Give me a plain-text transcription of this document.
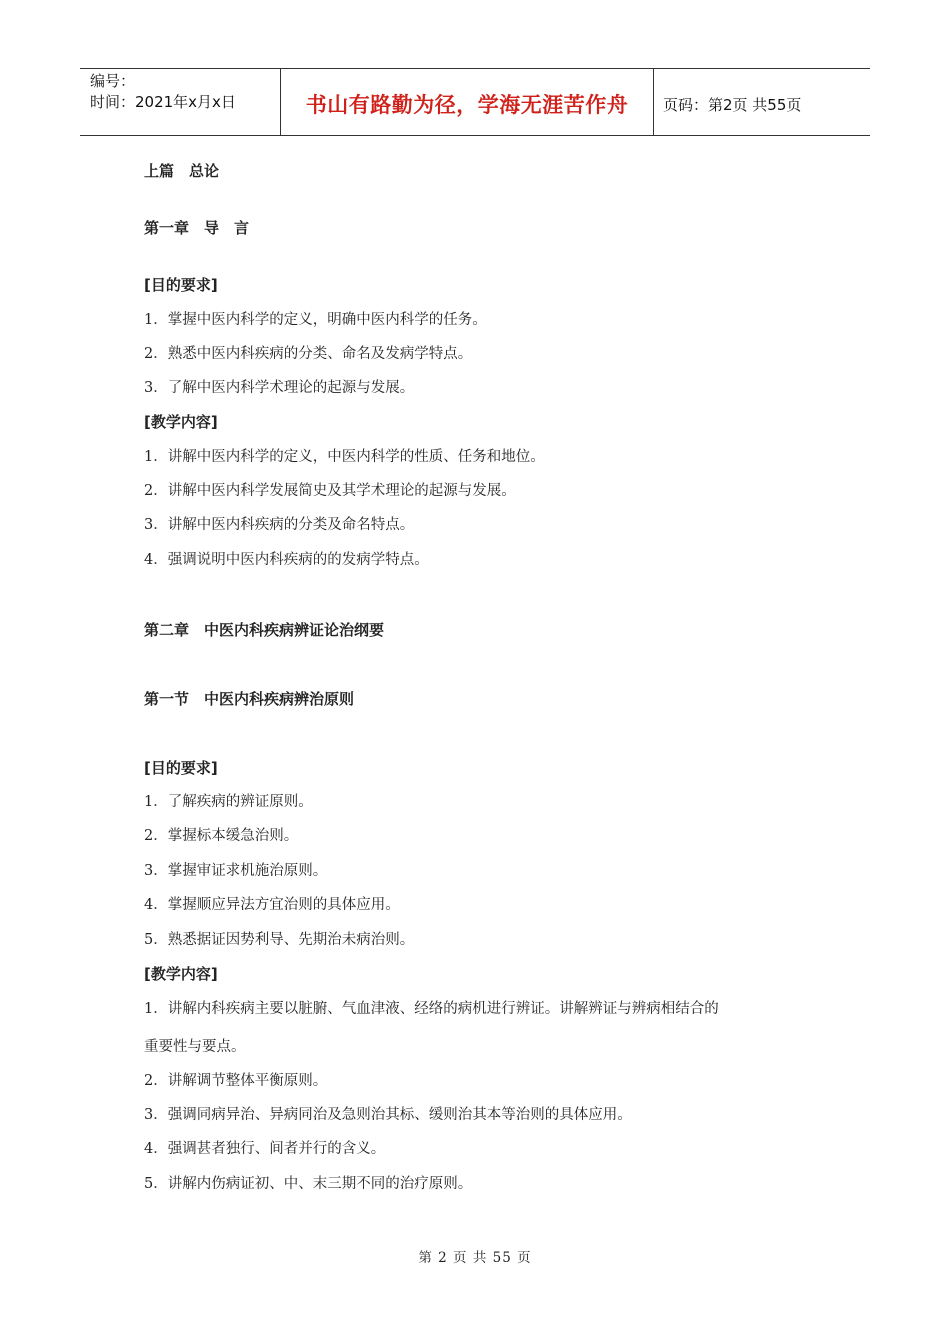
编号：
时间：2021年x月x日	书山有路勤为径，学海无涯苦作舟	页码：第2页 共55页
上篇　总论
第一章　导　言
[目的要求]
1．掌握中医内科学的定义，明确中医内科学的任务。
2．熟悉中医内科疾病的分类、命名及发病学特点。
3．了解中医内科学术理论的起源与发展。
[教学内容]
1．讲解中医内科学的定义，中医内科学的性质、任务和地位。
2．讲解中医内科学发展简史及其学术理论的起源与发展。
3．讲解中医内科疾病的分类及命名特点。
4．强调说明中医内科疾病的的发病学特点。
第二章　中医内科疾病辨证论治纲要
第一节　中医内科疾病辨治原则
[目的要求]
1．了解疾病的辨证原则。
2．掌握标本缓急治则。
3．掌握审证求机施治原则。
4．掌握顺应异法方宜治则的具体应用。
5．熟悉据证因势利导、先期治未病治则。
[教学内容]
1．讲解内科疾病主要以脏腑、气血津液、经络的病机进行辨证。讲解辨证与辨病相结合的
重要性与要点。
2．讲解调节整体平衡原则。
3．强调同病异治、异病同治及急则治其标、缓则治其本等治则的具体应用。
4．强调甚者独行、间者并行的含义。
5．讲解内伤病证初、中、末三期不同的治疗原则。
第 2 页 共 55 页
